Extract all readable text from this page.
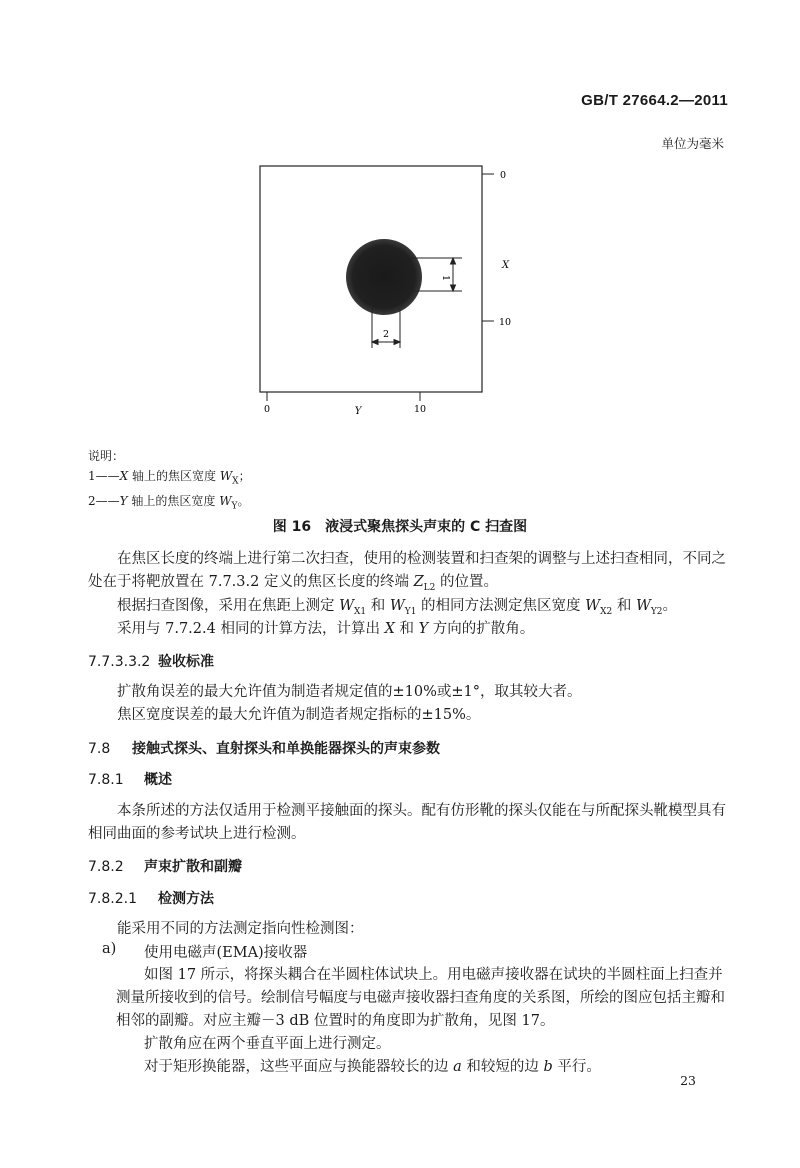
GB/T 27664.2—2011
单位为毫米
1
2
0
X
10
0	Y	10
说明：
1——X 轴上的焦区宽度 $W_X$；
2——Y 轴上的焦区宽度 $W_Y$。
图 16　液浸式聚焦探头声束的 C 扫查图
在焦区长度的终端上进行第二次扫查，使用的检测装置和扫查架的调整与上述扫查相同，不同之处在于将靶放置在 7.7.3.2 定义的焦区长度的终端 $Z_{L2}$ 的位置。
根据扫查图像，采用在焦距上测定 $W_{X1}$ 和 $W_{Y1}$ 的相同方法测定焦区宽度 $W_{X2}$ 和 $W_{Y2}$。
采用与 7.7.2.4 相同的计算方法，计算出 X 和 Y 方向的扩散角。
7.7.3.3.2 验收标准
扩散角误差的最大允许值为制造者规定值的±10%或±1°，取其较大者。
焦区宽度误差的最大允许值为制造者规定指标的±15%。
7.8 接触式探头、直射探头和单换能器探头的声束参数
7.8.1 概述
本条所述的方法仅适用于检测平接触面的探头。配有仿形靴的探头仅能在与所配探头靴模型具有相同曲面的参考试块上进行检测。
7.8.2 声束扩散和副瓣
7.8.2.1 检测方法
能采用不同的方法测定指向性检测图：
a) 使用电磁声(EMA)接收器
如图 17 所示，将探头耦合在半圆柱体试块上。用电磁声接收器在试块的半圆柱面上扫查并测量所接收到的信号。绘制信号幅度与电磁声接收器扫查角度的关系图，所绘的图应包括主瓣和相邻的副瓣。对应主瓣－3 dB 位置时的角度即为扩散角，见图 17。
扩散角应在两个垂直平面上进行测定。
对于矩形换能器，这些平面应与换能器较长的边 a 和较短的边 b 平行。
23
